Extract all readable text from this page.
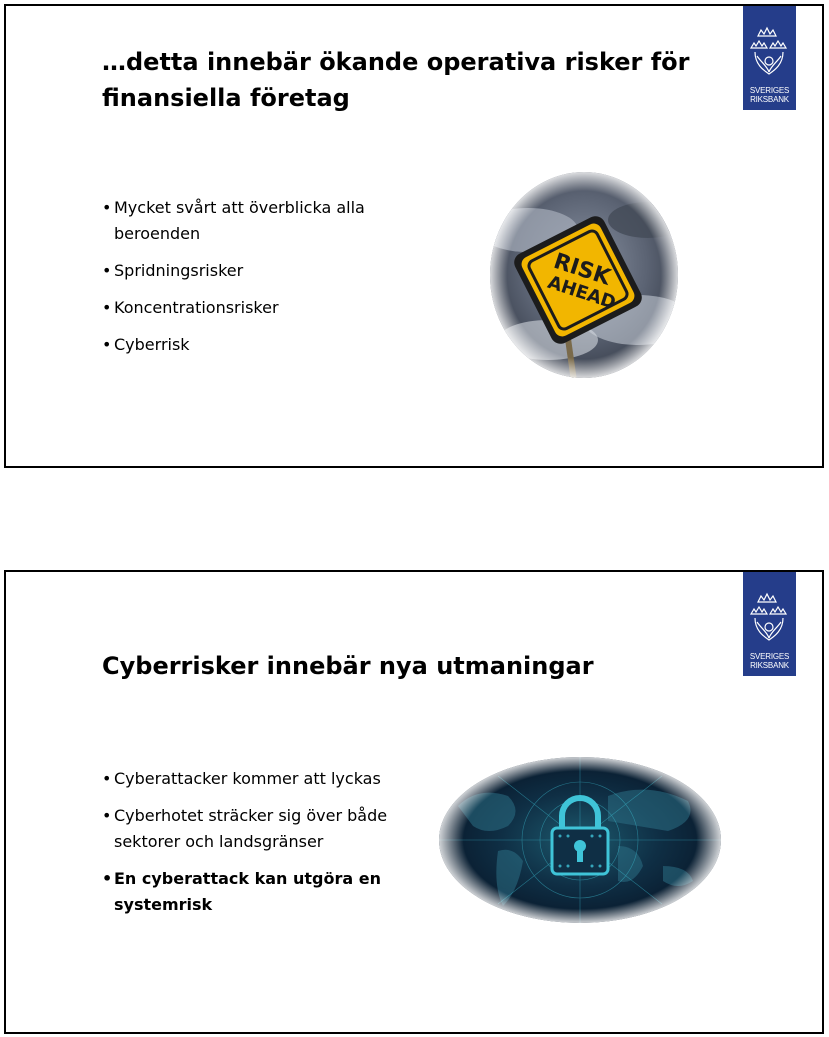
SVERIGES
RIKSBANK
…detta innebär ökande operativa risker för finansiella företag
• Mycket svårt att överblicka alla beroenden
• Spridningsrisker
• Koncentrationsrisker
• Cyberrisk
SVERIGES
RIKSBANK
Cyberrisker innebär nya utmaningar
• Cyberattacker kommer att lyckas
• Cyberhotet sträcker sig över både sektorer och landsgränser
• En cyberattack kan utgöra en systemrisk
